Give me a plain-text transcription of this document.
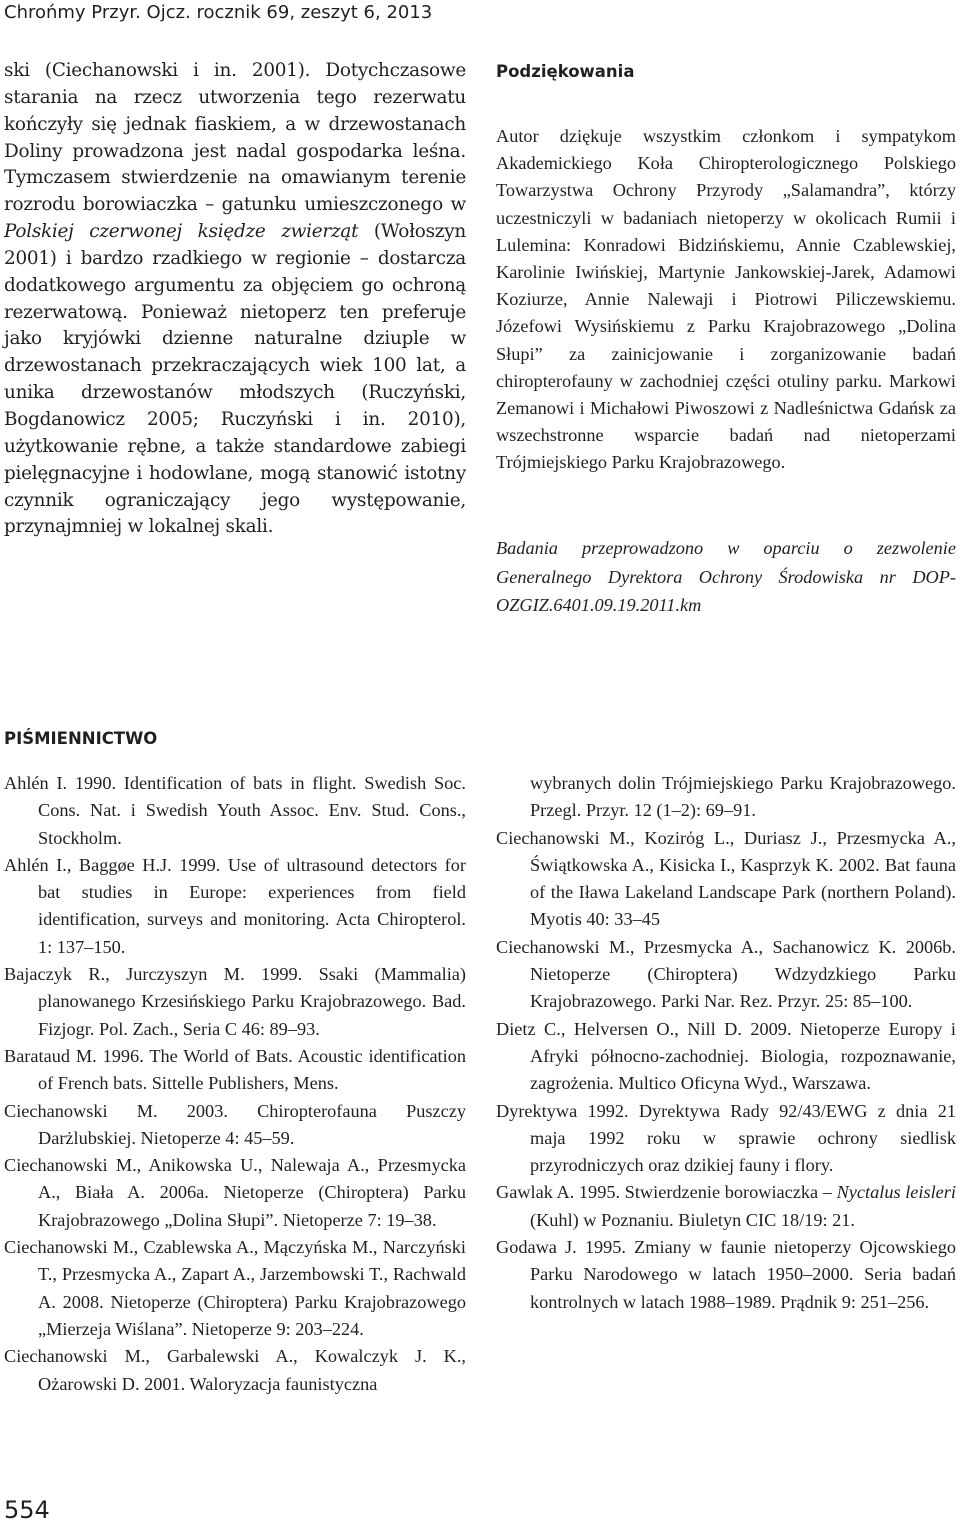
Chrońmy Przyr. Ojcz. rocznik 69, zeszyt 6, 2013

ski (Ciechanowski i in. 2001). Dotychczasowe starania na rzecz utworzenia tego rezerwatu kończyły się jednak fiaskiem, a w drzewostanach Doliny prowadzona jest nadal gospodarka leśna. Tymczasem stwierdzenie na omawianym terenie rozrodu borowiaczka – gatunku umieszczonego w Polskiej czerwonej księdze zwierząt (Wołoszyn 2001) i bardzo rzadkiego w regionie – dostarcza dodatkowego argumentu za objęciem go ochroną rezerwatową. Ponieważ nietoperz ten preferuje jako kryjówki dzienne naturalne dziuple w drzewostanach przekraczających wiek 100 lat, a unika drzewostanów młodszych (Ruczyński, Bogdanowicz 2005; Ruczyński i in. 2010), użytkowanie rębne, a także standardowe zabiegi pielęgnacyjne i hodowlane, mogą stanowić istotny czynnik ograniczający jego występowanie, przynajmniej w lokalnej skali.

Podziękowania

Autor dziękuje wszystkim członkom i sympatykom Akademickiego Koła Chiropterologicznego Polskiego Towarzystwa Ochrony Przyrody „Salamandra”, którzy uczestniczyli w badaniach nietoperzy w okolicach Rumii i Lulemina: Konradowi Bidzińskiemu, Annie Czablewskiej, Karolinie Iwińskiej, Martynie Jankowskiej-Jarek, Adamowi Koziurze, Annie Nalewaji i Piotrowi Piliczewskiemu. Józefowi Wysińskiemu z Parku Krajobrazowego „Dolina Słupi” za zainicjowanie i zorganizowanie badań chiropterofauny w zachodniej części otuliny parku. Markowi Zemanowi i Michałowi Piwoszowi z Nadleśnictwa Gdańsk za wszechstronne wsparcie badań nad nietoperzami Trójmiejskiego Parku Krajobrazowego.

Badania przeprowadzono w oparciu o zezwolenie Generalnego Dyrektora Ochrony Środowiska nr DOP-OZGIZ.6401.09.19.2011.km

PIŚMIENNICTWO

Ahlén I. 1990. Identification of bats in flight. Swedish Soc. Cons. Nat. i Swedish Youth Assoc. Env. Stud. Cons., Stockholm.

Ahlén I., Baggøe H.J. 1999. Use of ultrasound detectors for bat studies in Europe: experiences from field identification, surveys and monitoring. Acta Chiropterol. 1: 137–150.

Bajaczyk R., Jurczyszyn M. 1999. Ssaki (Mammalia) planowanego Krzesińskiego Parku Krajobrazowego. Bad. Fizjogr. Pol. Zach., Seria C 46: 89–93.

Barataud M. 1996. The World of Bats. Acoustic identification of French bats. Sittelle Publishers, Mens.

Ciechanowski M. 2003. Chiropterofauna Puszczy Darżlubskiej. Nietoperze 4: 45–59.

Ciechanowski M., Anikowska U., Nalewaja A., Przesmycka A., Biała A. 2006a. Nietoperze (Chiroptera) Parku Krajobrazowego „Dolina Słupi”. Nietoperze 7: 19–38.

Ciechanowski M., Czablewska A., Mączyńska M., Narczyński T., Przesmycka A., Zapart A., Jarzembowski T., Rachwald A. 2008. Nietoperze (Chiroptera) Parku Krajobrazowego „Mierzeja Wiślana”. Nietoperze 9: 203–224.

Ciechanowski M., Garbalewski A., Kowalczyk J. K., Ożarowski D. 2001. Waloryzacja faunistyczna

wybranych dolin Trójmiejskiego Parku Krajobrazowego. Przegl. Przyr. 12 (1–2): 69–91.

Ciechanowski M., Kozirόg L., Duriasz J., Przesmycka A., Świątkowska A., Kisicka I., Kasprzyk K. 2002. Bat fauna of the Iława Lakeland Landscape Park (northern Poland). Myotis 40: 33–45

Ciechanowski M., Przesmycka A., Sachanowicz K. 2006b. Nietoperze (Chiroptera) Wdzydzkiego Parku Krajobrazowego. Parki Nar. Rez. Przyr. 25: 85–100.

Dietz C., Helversen O., Nill D. 2009. Nietoperze Europy i Afryki północno-zachodniej. Biologia, rozpoznawanie, zagrożenia. Multico Oficyna Wyd., Warszawa.

Dyrektywa 1992. Dyrektywa Rady 92/43/EWG z dnia 21 maja 1992 roku w sprawie ochrony siedlisk przyrodniczych oraz dzikiej fauny i flory.

Gawlak A. 1995. Stwierdzenie borowiaczka – Nyctalus leisleri (Kuhl) w Poznaniu. Biuletyn CIC 18/19: 21.

Godawa J. 1995. Zmiany w faunie nietoperzy Ojcowskiego Parku Narodowego w latach 1950–2000. Seria badań kontrolnych w latach 1988–1989. Prądnik 9: 251–256.

554
